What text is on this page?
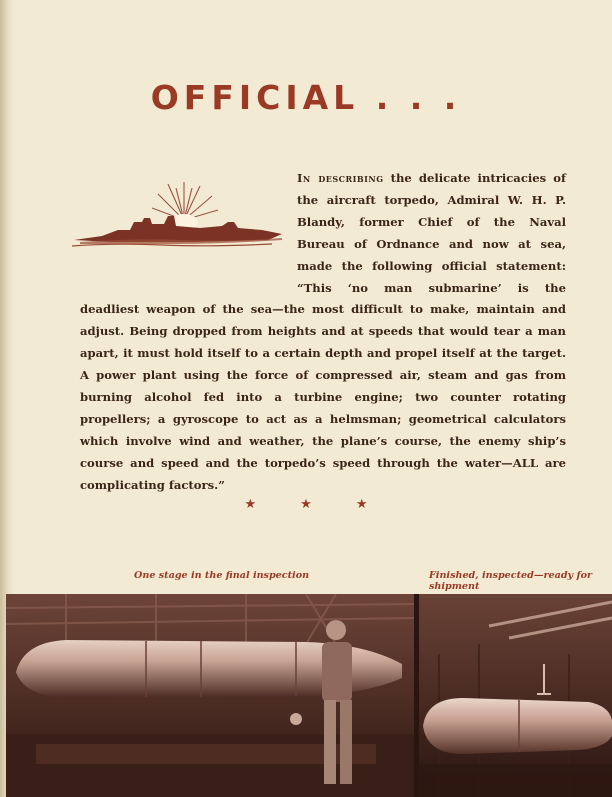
OFFICIAL . . .

In describing the delicate intricacies of the aircraft torpedo, Admiral W. H. P. Blandy, former Chief of the Naval Bureau of Ordnance and now at sea, made the following official statement: “This ‘no man submarine’ is the deadliest weapon of the sea—the most difficult to make, maintain and adjust. Being dropped from heights and at speeds that would tear a man apart, it must hold itself to a certain depth and propel itself at the target. A power plant using the force of compressed air, steam and gas from burning alcohol fed into a turbine engine; two counter rotating propellers; a gyroscope to act as a helmsman; geometrical calculators which involve wind and weather, the plane’s course, the enemy ship’s course and speed and the torpedo’s speed through the water—ALL are complicating factors.”

★	★	★

One stage in the final inspection	Finished, inspected—ready for shipment
